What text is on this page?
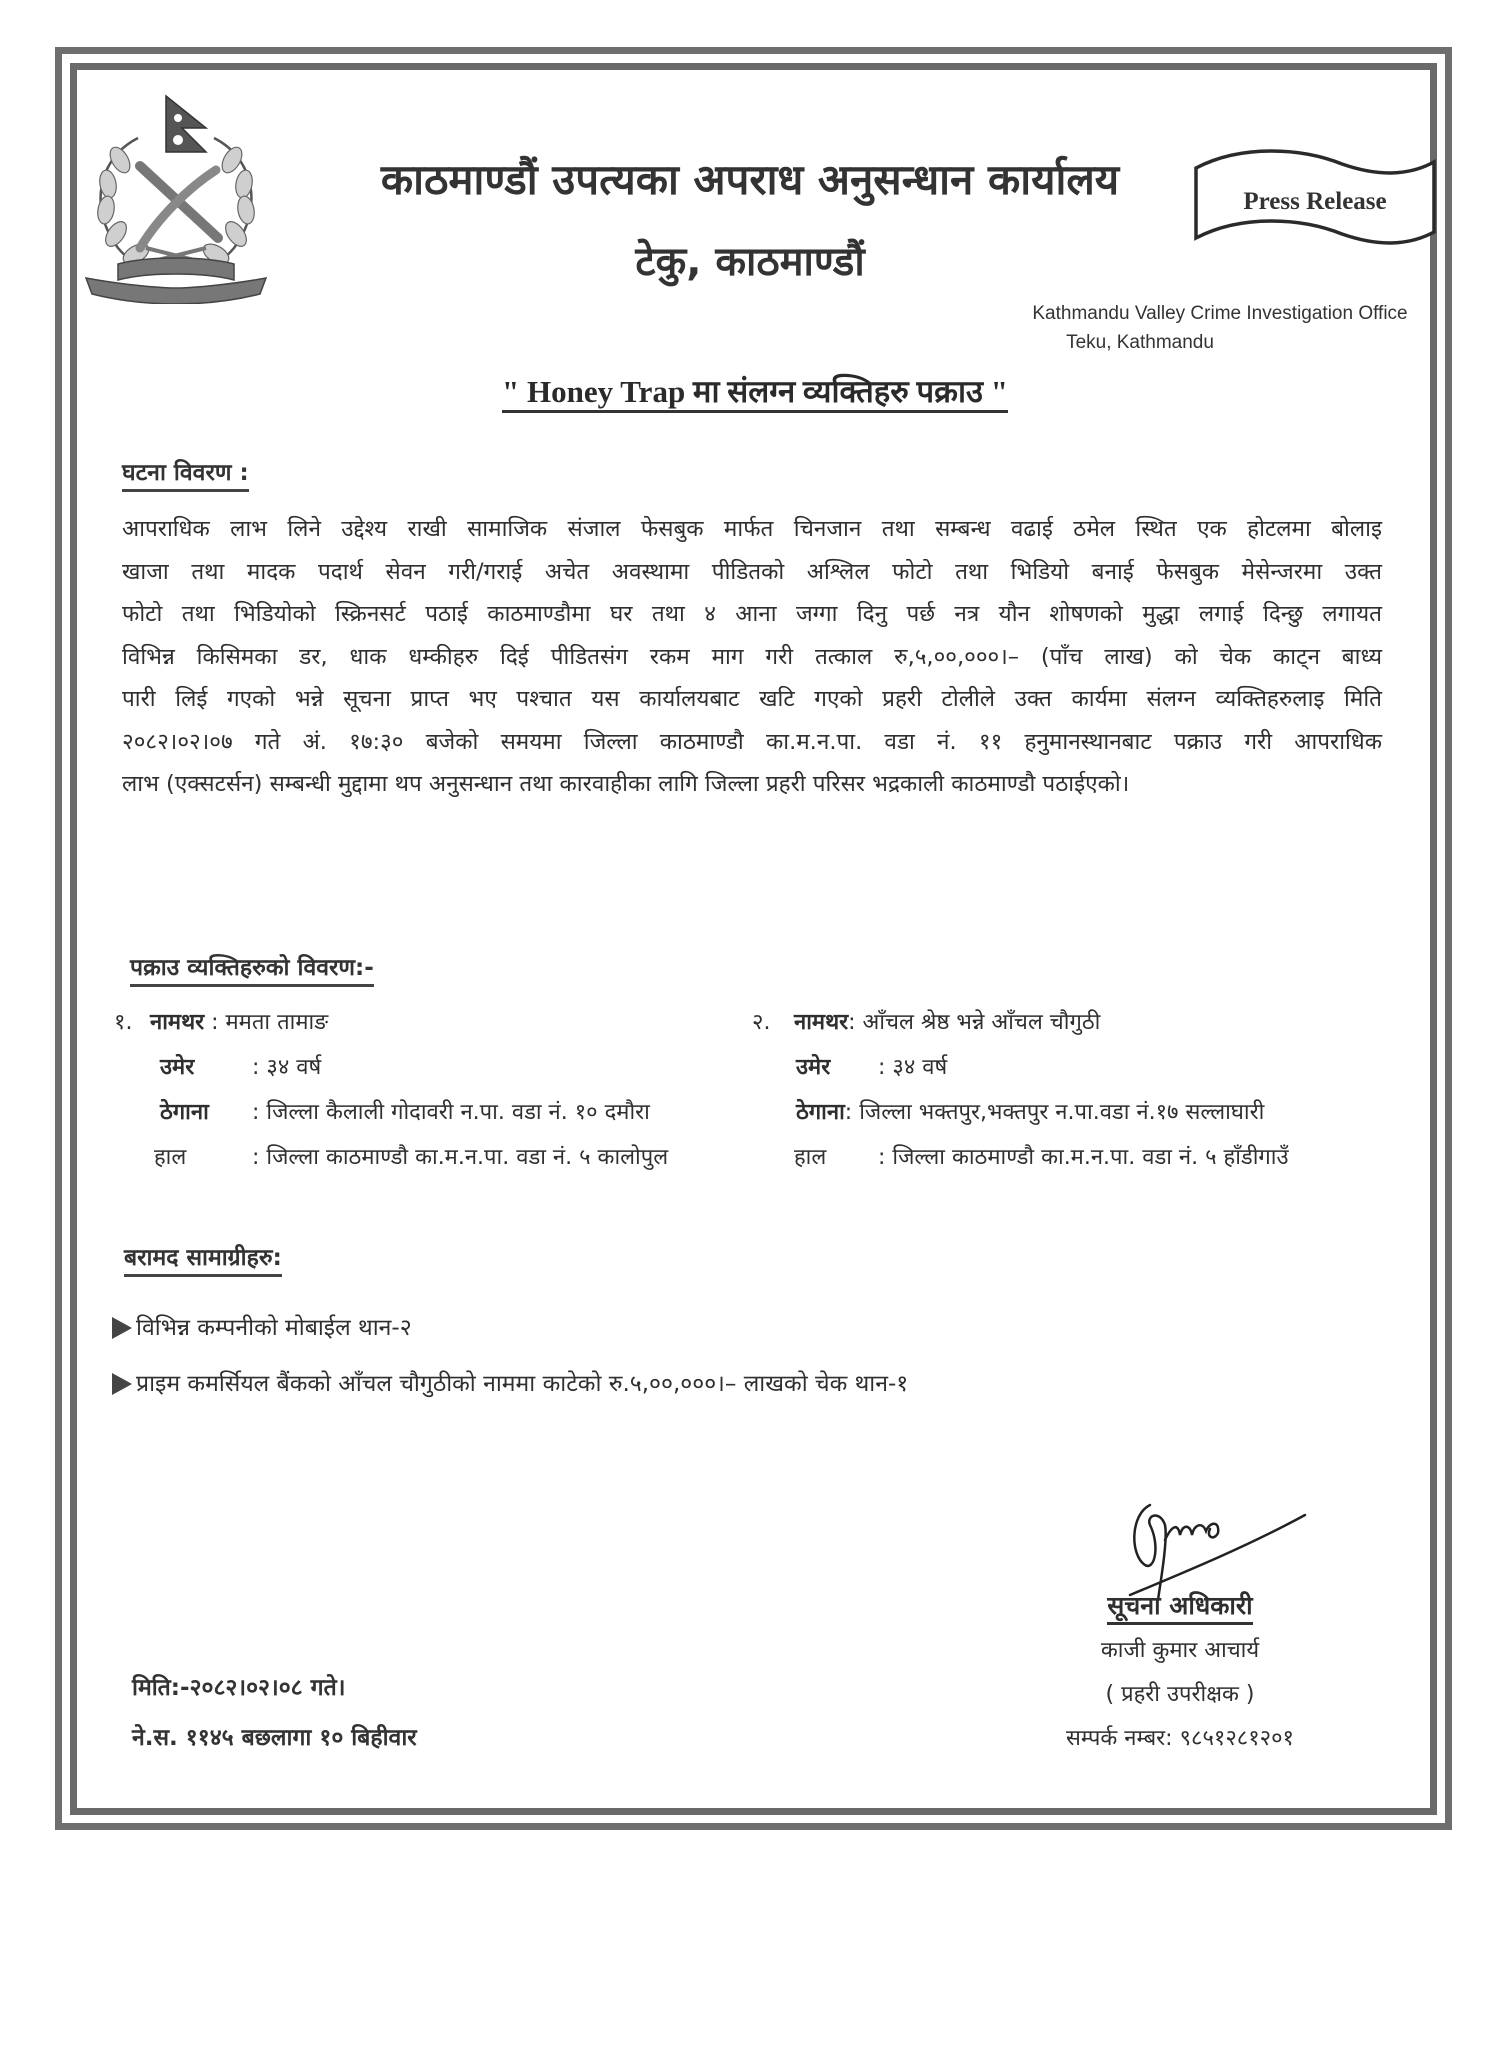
काठमाण्डौं उपत्यका अपराध अनुसन्धान कार्यालय
टेकु, काठमाण्डौं
Press Release
Kathmandu Valley Crime Investigation Office
Teku, Kathmandu
" Honey Trap मा संलग्न व्यक्तिहरु पक्राउ "
घटना विवरण :
आपराधिक लाभ लिने उद्देश्य राखी सामाजिक संजाल फेसबुक मार्फत चिनजान तथा सम्बन्ध वढाई ठमेल स्थित एक होटलमा बोलाइ
खाजा तथा मादक पदार्थ सेवन गरी/गराई अचेत अवस्थामा पीडितको अश्लिल फोटो तथा भिडियो बनाई फेसबुक मेसेन्जरमा उक्त
फोटो तथा भिडियोको स्क्रिनसर्ट पठाई काठमाण्डौमा घर तथा ४ आना जग्गा दिनु पर्छ नत्र यौन शोषणको मुद्धा लगाई दिन्छु लगायत
विभिन्न किसिमका डर, धाक धम्कीहरु दिई पीडितसंग रकम माग गरी तत्काल रु,५,००,०००।– (पाँच लाख) को चेक काट्न बाध्य
पारी लिई गएको भन्ने सूचना प्राप्त भए पश्चात यस कार्यालयबाट खटि गएको प्रहरी टोलीले उक्त कार्यमा संलग्न व्यक्तिहरुलाइ मिति
२०८२।०२।०७ गते अं. १७:३० बजेको समयमा जिल्ला काठमाण्डौ का.म.न.पा. वडा नं. ११ हनुमानस्थानबाट पक्राउ गरी आपराधिक
लाभ (एक्सटर्सन) सम्बन्धी मुद्दामा थप अनुसन्धान तथा कारवाहीका लागि जिल्ला प्रहरी परिसर भद्रकाली काठमाण्डौ पठाईएको।
पक्राउ व्यक्तिहरुको विवरण:-
१. नामथर : ममता तामाङ
उमेर	: ३४ वर्ष
ठेगाना	: जिल्ला कैलाली गोदावरी न.पा. वडा नं. १० दमौरा
हाल	: जिल्ला काठमाण्डौ का.म.न.पा. वडा नं. ५ कालोपुल
२.	नामथर : आँचल श्रेष्ठ भन्ने आँचल चौगुठी
उमेर	: ३४ वर्ष
ठेगाना : जिल्ला भक्तपुर,भक्तपुर न.पा.वडा नं.१७ सल्लाघारी
हाल	: जिल्ला काठमाण्डौ का.म.न.पा. वडा नं. ५ हाँडीगाउँ
बरामद सामाग्रीहरु:
विभिन्न कम्पनीको मोबाईल थान-२
प्राइम कमर्सियल बैंकको आँचल चौगुठीको नाममा काटेको रु.५,००,०००।– लाखको चेक थान-१
सूचना अधिकारी
काजी कुमार आचार्य
( प्रहरी उपरीक्षक )
सम्पर्क नम्बर: ९८५१२८१२०१
मिति:-२०८२।०२।०८ गते।
ने.स. ११४५ बछलागा १० बिहीवार
